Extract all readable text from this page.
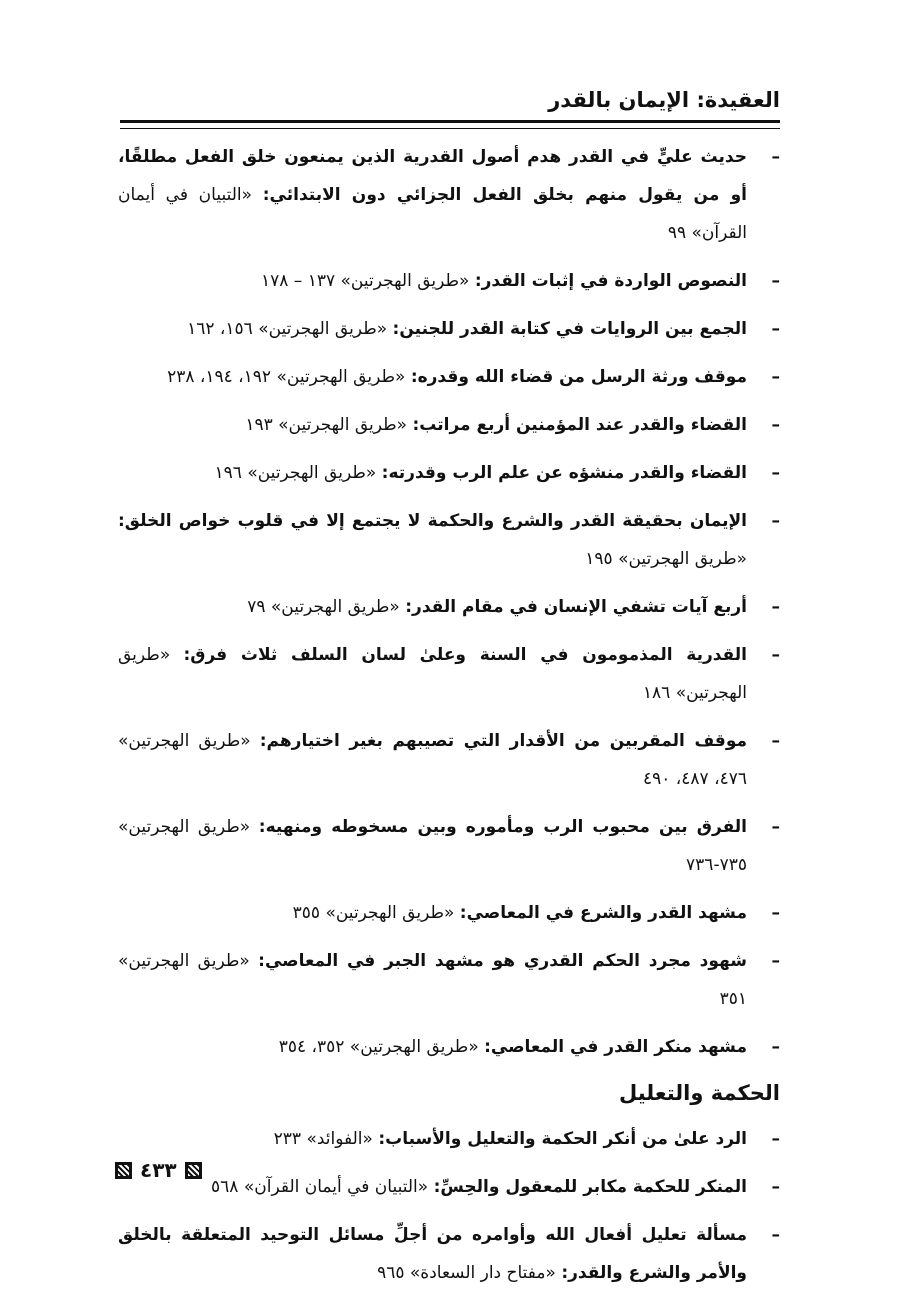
العقيدة: الإيمان بالقدر
–
حديث عليٍّ في القدر هدم أصول القدرية الذين يمنعون خلق الفعل مطلقًا، أو من يقول منهم بخلق الفعل الجزائي دون الابتدائي: «التبيان في أيمان القرآن» ٩٩
–
النصوص الواردة في إثبات القدر: «طريق الهجرتين» ١٣٧ – ١٧٨
–
الجمع بين الروايات في كتابة القدر للجنين: «طريق الهجرتين» ١٥٦، ١٦٢
–
موقف ورثة الرسل من قضاء الله وقدره: «طريق الهجرتين» ١٩٢، ١٩٤، ٢٣٨
–
القضاء والقدر عند المؤمنين أربع مراتب: «طريق الهجرتين» ١٩٣
–
القضاء والقدر منشؤه عن علم الرب وقدرته: «طريق الهجرتين» ١٩٦
–
الإيمان بحقيقة القدر والشرع والحكمة لا يجتمع إلا في قلوب خواص الخلق: «طريق الهجرتين» ١٩٥
–
أربع آيات تشفي الإنسان في مقام القدر: «طريق الهجرتين» ٧٩
–
القدرية المذمومون في السنة وعلىٰ لسان السلف ثلاث فرق: «طريق الهجرتين» ١٨٦
–
موقف المقربين من الأقدار التي تصيبهم بغير اختيارهم: «طريق الهجرتين» ٤٧٦، ٤٨٧، ٤٩٠
–
الفرق بين محبوب الرب ومأموره وبين مسخوطه ومنهيه: «طريق الهجرتين» ٧٣٥-٧٣٦
–
مشهد القدر والشرع في المعاصي: «طريق الهجرتين» ٣٥٥
–
شهود مجرد الحكم القدري هو مشهد الجبر في المعاصي: «طريق الهجرتين» ٣٥١
–
مشهد منكر القدر في المعاصي: «طريق الهجرتين» ٣٥٢، ٣٥٤
الحكمة والتعليل
–
الرد علىٰ من أنكر الحكمة والتعليل والأسباب: «الفوائد» ٢٣٣
–
المنكر للحكمة مكابر للمعقول والحِسِّ: «التبيان في أيمان القرآن» ٥٦٨
–
مسألة تعليل أفعال الله وأوامره من أجلِّ مسائل التوحيد المتعلقة بالخلق والأمر والشرع والقدر: «مفتاح دار السعادة» ٩٦٥
٤٣٣
